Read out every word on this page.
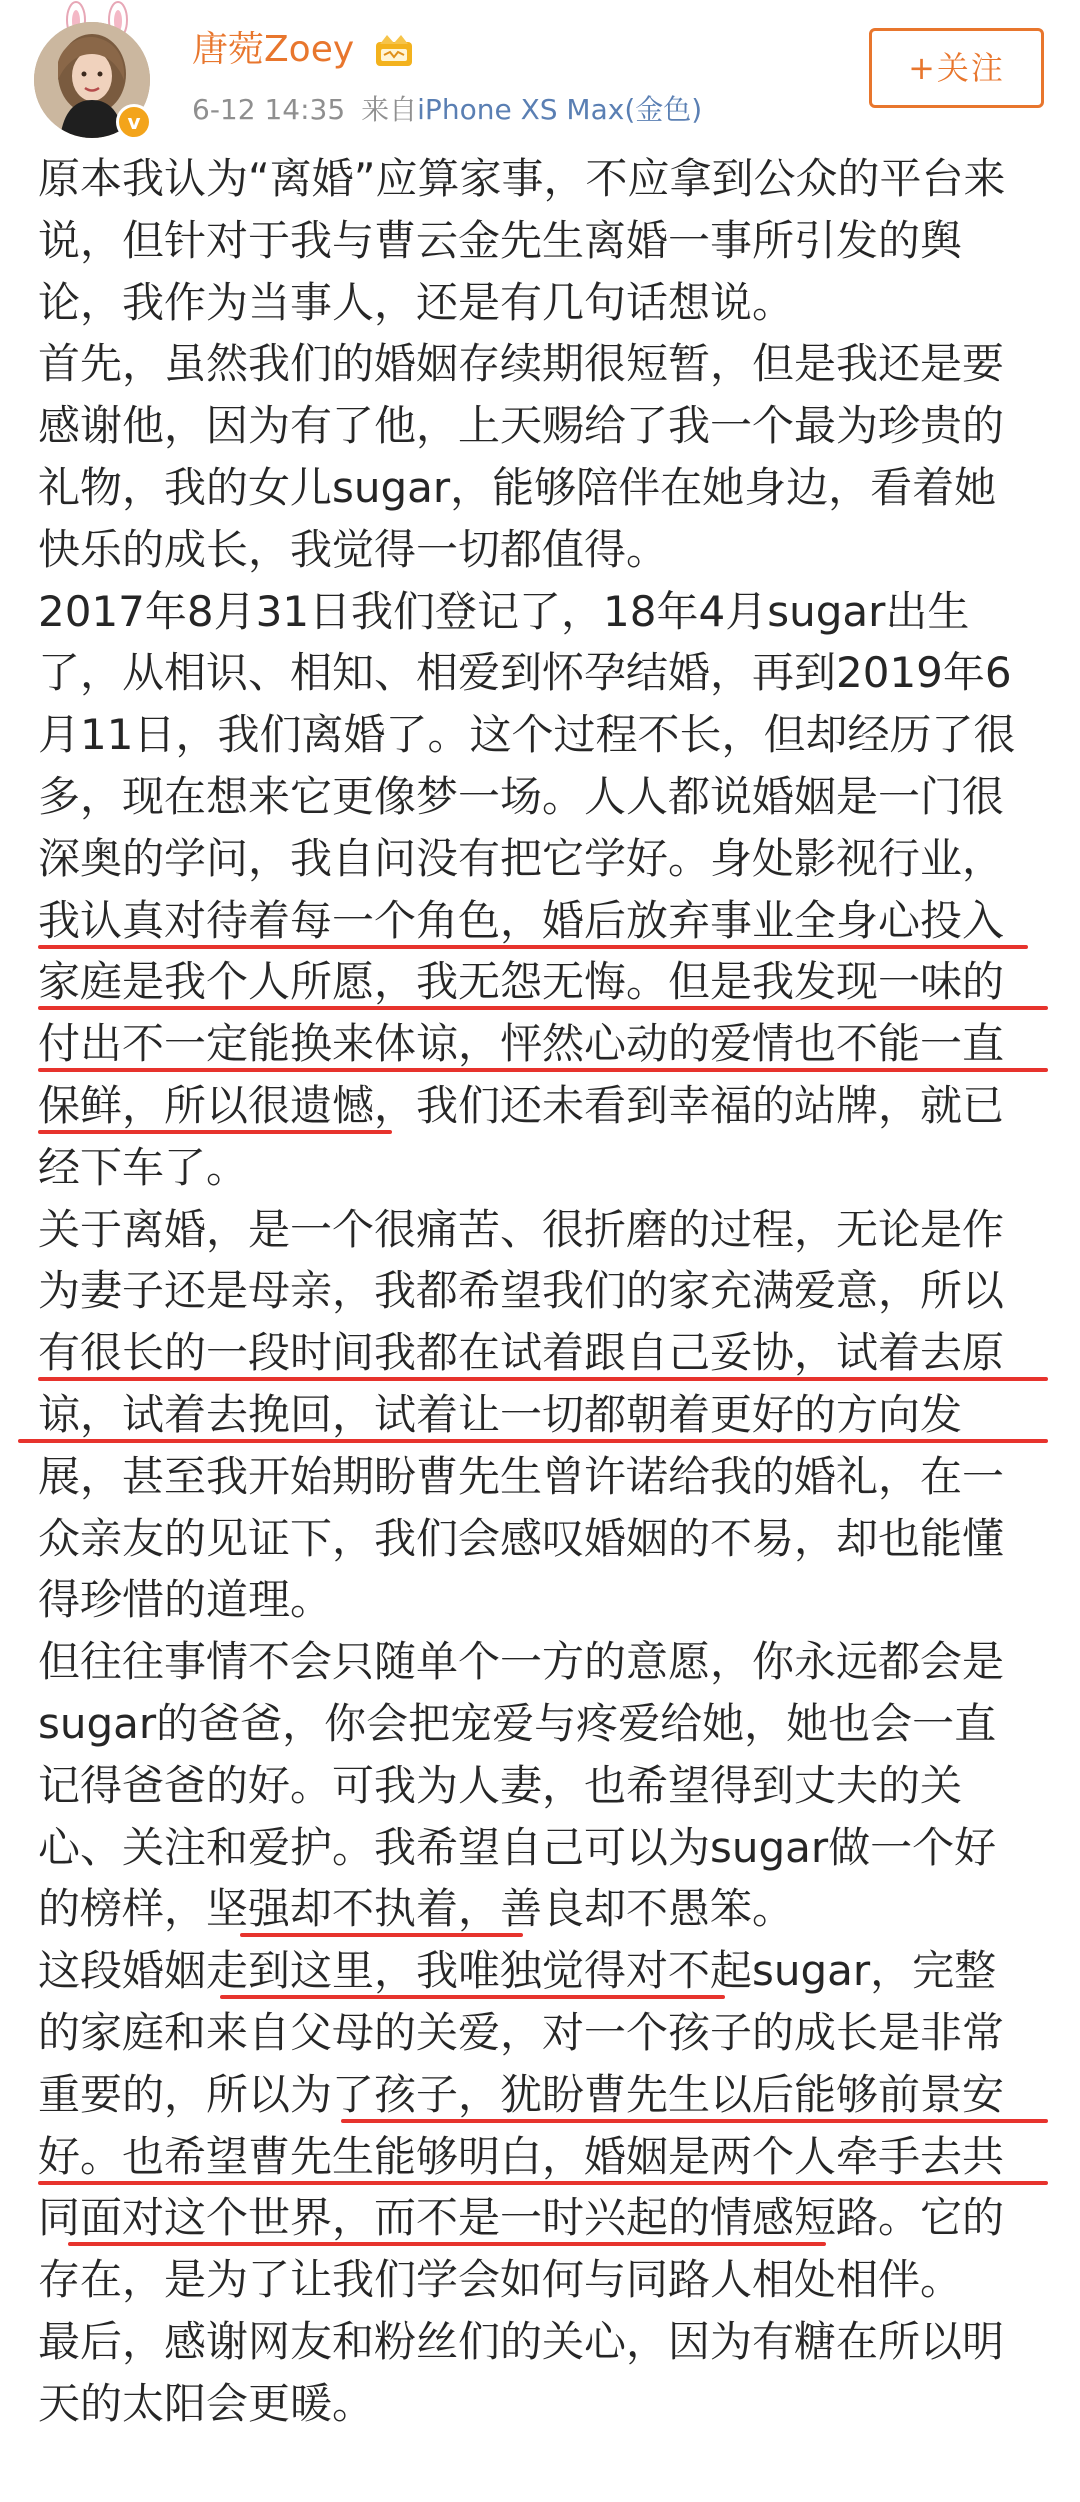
v
唐菀Zoey
6-12 14:35 来自iPhone XS Max(金色)
+关注
原本我认为“离婚”应算家事，不应拿到公众的平台来
说，但针对于我与曹云金先生离婚一事所引发的舆
论，我作为当事人，还是有几句话想说。
首先，虽然我们的婚姻存续期很短暂，但是我还是要
感谢他，因为有了他，上天赐给了我一个最为珍贵的
礼物，我的女儿sugar，能够陪伴在她身边，看着她
快乐的成长，我觉得一切都值得。
2017年8月31日我们登记了，18年4月sugar出生
了，从相识、相知、相爱到怀孕结婚，再到2019年6
月11日，我们离婚了。这个过程不长，但却经历了很
多，现在想来它更像梦一场。人人都说婚姻是一门很
深奥的学问，我自问没有把它学好。身处影视行业，
我认真对待着每一个角色，婚后放弃事业全身心投入
家庭是我个人所愿，我无怨无悔。但是我发现一味的
付出不一定能换来体谅，怦然心动的爱情也不能一直
保鲜，所以很遗憾，我们还未看到幸福的站牌，就已
经下车了。
关于离婚，是一个很痛苦、很折磨的过程，无论是作
为妻子还是母亲，我都希望我们的家充满爱意，所以
有很长的一段时间我都在试着跟自己妥协，试着去原
谅，试着去挽回，试着让一切都朝着更好的方向发
展，甚至我开始期盼曹先生曾许诺给我的婚礼，在一
众亲友的见证下，我们会感叹婚姻的不易，却也能懂
得珍惜的道理。
但往往事情不会只随单个一方的意愿，你永远都会是
sugar的爸爸，你会把宠爱与疼爱给她，她也会一直
记得爸爸的好。可我为人妻，也希望得到丈夫的关
心、关注和爱护。我希望自己可以为sugar做一个好
的榜样，坚强却不执着，善良却不愚笨。
这段婚姻走到这里，我唯独觉得对不起sugar，完整
的家庭和来自父母的关爱，对一个孩子的成长是非常
重要的，所以为了孩子，犹盼曹先生以后能够前景安
好。也希望曹先生能够明白，婚姻是两个人牵手去共
同面对这个世界，而不是一时兴起的情感短路。它的
存在，是为了让我们学会如何与同路人相处相伴。
最后，感谢网友和粉丝们的关心，因为有糖在所以明
天的太阳会更暖。
